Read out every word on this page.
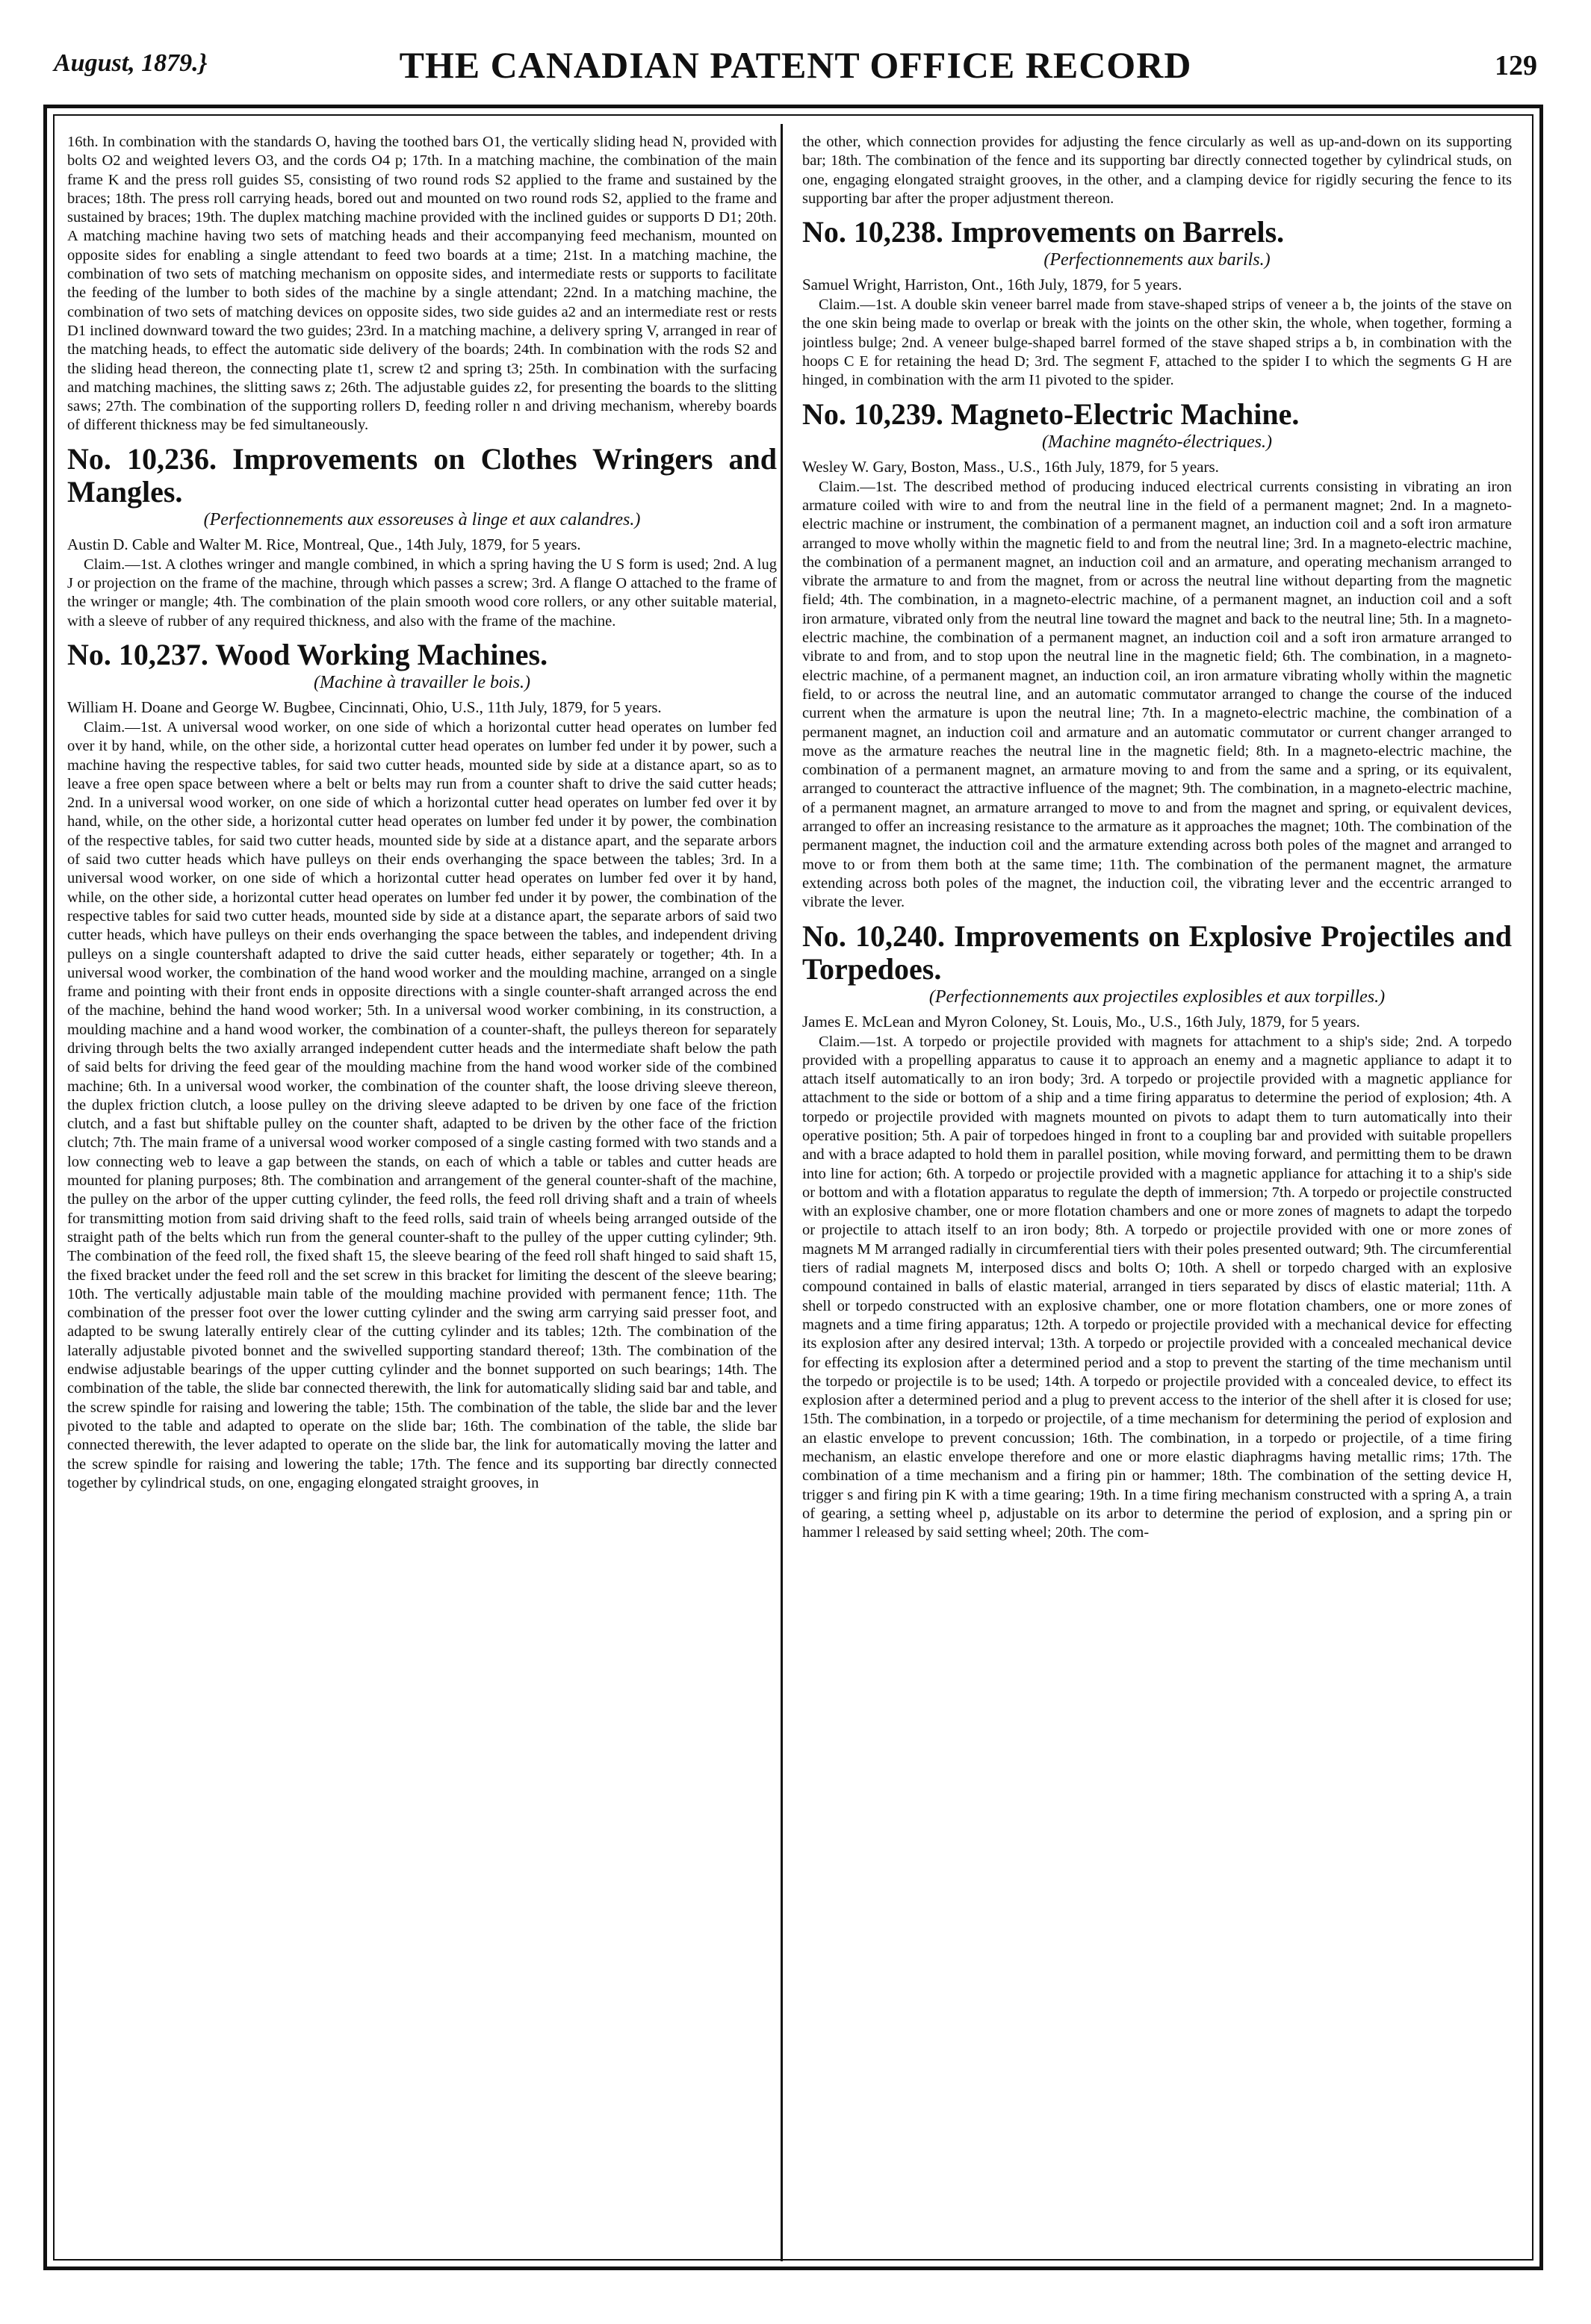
August, 1879.}	THE CANADIAN PATENT OFFICE RECORD	129

16th. In combination with the standards O, having the toothed bars O1, the vertically sliding head N, provided with bolts O2 and weighted levers O3, and the cords O4 p; 17th. In a matching machine, the combination of the main frame K and the press roll guides S5, consisting of two round rods S2 applied to the frame and sustained by the braces; 18th. The press roll carrying heads, bored out and mounted on two round rods S2, applied to the frame and sustained by braces; 19th. The duplex matching machine provided with the inclined guides or supports D D1; 20th. A matching machine having two sets of matching heads and their accompanying feed mechanism, mounted on opposite sides for enabling a single attendant to feed two boards at a time; 21st. In a matching machine, the combination of two sets of matching mechanism on opposite sides, and intermediate rests or supports to facilitate the feeding of the lumber to both sides of the machine by a single attendant; 22nd. In a matching machine, the combination of two sets of matching devices on opposite sides, two side guides a2 and an intermediate rest or rests D1 inclined downward toward the two guides; 23rd. In a matching machine, a delivery spring V, arranged in rear of the matching heads, to effect the automatic side delivery of the boards; 24th. In combination with the rods S2 and the sliding head thereon, the connecting plate t1, screw t2 and spring t3; 25th. In combination with the surfacing and matching machines, the slitting saws z; 26th. The adjustable guides z2, for presenting the boards to the slitting saws; 27th. The combination of the supporting rollers D, feeding roller n and driving mechanism, whereby boards of different thickness may be fed simultaneously.

No. 10,236. Improvements on Clothes Wringers and Mangles.
(Perfectionnements aux essoreuses à linge et aux calandres.)

Austin D. Cable and Walter M. Rice, Montreal, Que., 14th July, 1879, for 5 years.

Claim.—1st. A clothes wringer and mangle combined, in which a spring having the U S form is used; 2nd. A lug J or projection on the frame of the machine, through which passes a screw; 3rd. A flange O attached to the frame of the wringer or mangle; 4th. The combination of the plain smooth wood core rollers, or any other suitable material, with a sleeve of rubber of any required thickness, and also with the frame of the machine.

No. 10,237. Wood Working Machines.
(Machine à travailler le bois.)

William H. Doane and George W. Bugbee, Cincinnati, Ohio, U.S., 11th July, 1879, for 5 years.

Claim.—1st. A universal wood worker, on one side of which a horizontal cutter head operates on lumber fed over it by hand, while, on the other side, a horizontal cutter head operates on lumber fed under it by power, such a machine having the respective tables, for said two cutter heads, mounted side by side at a distance apart, so as to leave a free open space between where a belt or belts may run from a counter shaft to drive the said cutter heads; 2nd. In a universal wood worker, on one side of which a horizontal cutter head operates on lumber fed over it by hand, while, on the other side, a horizontal cutter head operates on lumber fed under it by power, the combination of the respective tables, for said two cutter heads, mounted side by side at a distance apart, and the separate arbors of said two cutter heads which have pulleys on their ends overhanging the space between the tables; 3rd. In a universal wood worker, on one side of which a horizontal cutter head operates on lumber fed over it by hand, while, on the other side, a horizontal cutter head operates on lumber fed under it by power, the combination of the respective tables for said two cutter heads, mounted side by side at a distance apart, the separate arbors of said two cutter heads, which have pulleys on their ends overhanging the space between the tables, and independent driving pulleys on a single countershaft adapted to drive the said cutter heads, either separately or together; 4th. In a universal wood worker, the combination of the hand wood worker and the moulding machine, arranged on a single frame and pointing with their front ends in opposite directions with a single counter-shaft arranged across the end of the machine, behind the hand wood worker; 5th. In a universal wood worker combining, in its construction, a moulding machine and a hand wood worker, the combination of a counter-shaft, the pulleys thereon for separately driving through belts the two axially arranged independent cutter heads and the intermediate shaft below the path of said belts for driving the feed gear of the moulding machine from the hand wood worker side of the combined machine; 6th. In a universal wood worker, the combination of the counter shaft, the loose driving sleeve thereon, the duplex friction clutch, a loose pulley on the driving sleeve adapted to be driven by one face of the friction clutch, and a fast but shiftable pulley on the counter shaft, adapted to be driven by the other face of the friction clutch; 7th. The main frame of a universal wood worker composed of a single casting formed with two stands and a low connecting web to leave a gap between the stands, on each of which a table or tables and cutter heads are mounted for planing purposes; 8th. The combination and arrangement of the general counter-shaft of the machine, the pulley on the arbor of the upper cutting cylinder, the feed rolls, the feed roll driving shaft and a train of wheels for transmitting motion from said driving shaft to the feed rolls, said train of wheels being arranged outside of the straight path of the belts which run from the general counter-shaft to the pulley of the upper cutting cylinder; 9th. The combination of the feed roll, the fixed shaft 15, the sleeve bearing of the feed roll shaft hinged to said shaft 15, the fixed bracket under the feed roll and the set screw in this bracket for limiting the descent of the sleeve bearing; 10th. The vertically adjustable main table of the moulding machine provided with permanent fence; 11th. The combination of the presser foot over the lower cutting cylinder and the swing arm carrying said presser foot, and adapted to be swung laterally entirely clear of the cutting cylinder and its tables; 12th. The combination of the laterally adjustable pivoted bonnet and the swivelled supporting standard thereof; 13th. The combination of the endwise adjustable bearings of the upper cutting cylinder and the bonnet supported on such bearings; 14th. The combination of the table, the slide bar connected therewith, the link for automatically sliding said bar and table, and the screw spindle for raising and lowering the table; 15th. The combination of the table, the slide bar and the lever pivoted to the table and adapted to operate on the slide bar; 16th. The combination of the table, the slide bar connected therewith, the lever adapted to operate on the slide bar, the link for automatically moving the latter and the screw spindle for raising and lowering the table; 17th. The fence and its supporting bar directly connected together by cylindrical studs, on one, engaging elongated straight grooves, in

the other, which connection provides for adjusting the fence circularly as well as up-and-down on its supporting bar; 18th. The combination of the fence and its supporting bar directly connected together by cylindrical studs, on one, engaging elongated straight grooves, in the other, and a clamping device for rigidly securing the fence to its supporting bar after the proper adjustment thereon.

No. 10,238. Improvements on Barrels.
(Perfectionnements aux barils.)

Samuel Wright, Harriston, Ont., 16th July, 1879, for 5 years.

Claim.—1st. A double skin veneer barrel made from stave-shaped strips of veneer a b, the joints of the stave on the one skin being made to overlap or break with the joints on the other skin, the whole, when together, forming a jointless bulge; 2nd. A veneer bulge-shaped barrel formed of the stave shaped strips a b, in combination with the hoops C E for retaining the head D; 3rd. The segment F, attached to the spider I to which the segments G H are hinged, in combination with the arm I1 pivoted to the spider.

No. 10,239. Magneto-Electric Machine.
(Machine magnéto-électriques.)

Wesley W. Gary, Boston, Mass., U.S., 16th July, 1879, for 5 years.

Claim.—1st. The described method of producing induced electrical currents consisting in vibrating an iron armature coiled with wire to and from the neutral line in the field of a permanent magnet; 2nd. In a magneto-electric machine or instrument, the combination of a permanent magnet, an induction coil and a soft iron armature arranged to move wholly within the magnetic field to and from the neutral line; 3rd. In a magneto-electric machine, the combination of a permanent magnet, an induction coil and an armature, and operating mechanism arranged to vibrate the armature to and from the magnet, from or across the neutral line without departing from the magnetic field; 4th. The combination, in a magneto-electric machine, of a permanent magnet, an induction coil and a soft iron armature, vibrated only from the neutral line toward the magnet and back to the neutral line; 5th. In a magneto-electric machine, the combination of a permanent magnet, an induction coil and a soft iron armature arranged to vibrate to and from, and to stop upon the neutral line in the magnetic field; 6th. The combination, in a magneto-electric machine, of a permanent magnet, an induction coil, an iron armature vibrating wholly within the magnetic field, to or across the neutral line, and an automatic commutator arranged to change the course of the induced current when the armature is upon the neutral line; 7th. In a magneto-electric machine, the combination of a permanent magnet, an induction coil and armature and an automatic commutator or current changer arranged to move as the armature reaches the neutral line in the magnetic field; 8th. In a magneto-electric machine, the combination of a permanent magnet, an armature moving to and from the same and a spring, or its equivalent, arranged to counteract the attractive influence of the magnet; 9th. The combination, in a magneto-electric machine, of a permanent magnet, an armature arranged to move to and from the magnet and spring, or equivalent devices, arranged to offer an increasing resistance to the armature as it approaches the magnet; 10th. The combination of the permanent magnet, the induction coil and the armature extending across both poles of the magnet and arranged to move to or from them both at the same time; 11th. The combination of the permanent magnet, the armature extending across both poles of the magnet, the induction coil, the vibrating lever and the eccentric arranged to vibrate the lever.

No. 10,240. Improvements on Explosive Projectiles and Torpedoes.
(Perfectionnements aux projectiles explosibles et aux torpilles.)

James E. McLean and Myron Coloney, St. Louis, Mo., U.S., 16th July, 1879, for 5 years.

Claim.—1st. A torpedo or projectile provided with magnets for attachment to a ship's side; 2nd. A torpedo provided with a propelling apparatus to cause it to approach an enemy and a magnetic appliance to adapt it to attach itself automatically to an iron body; 3rd. A torpedo or projectile provided with a magnetic appliance for attachment to the side or bottom of a ship and a time firing apparatus to determine the period of explosion; 4th. A torpedo or projectile provided with magnets mounted on pivots to adapt them to turn automatically into their operative position; 5th. A pair of torpedoes hinged in front to a coupling bar and provided with suitable propellers and with a brace adapted to hold them in parallel position, while moving forward, and permitting them to be drawn into line for action; 6th. A torpedo or projectile provided with a magnetic appliance for attaching it to a ship's side or bottom and with a flotation apparatus to regulate the depth of immersion; 7th. A torpedo or projectile constructed with an explosive chamber, one or more flotation chambers and one or more zones of magnets to adapt the torpedo or projectile to attach itself to an iron body; 8th. A torpedo or projectile provided with one or more zones of magnets M M arranged radially in circumferential tiers with their poles presented outward; 9th. The circumferential tiers of radial magnets M, interposed discs and bolts O; 10th. A shell or torpedo charged with an explosive compound contained in balls of elastic material, arranged in tiers separated by discs of elastic material; 11th. A shell or torpedo constructed with an explosive chamber, one or more flotation chambers, one or more zones of magnets and a time firing apparatus; 12th. A torpedo or projectile provided with a mechanical device for effecting its explosion after any desired interval; 13th. A torpedo or projectile provided with a concealed mechanical device for effecting its explosion after a determined period and a stop to prevent the starting of the time mechanism until the torpedo or projectile is to be used; 14th. A torpedo or projectile provided with a concealed device, to effect its explosion after a determined period and a plug to prevent access to the interior of the shell after it is closed for use; 15th. The combination, in a torpedo or projectile, of a time mechanism for determining the period of explosion and an elastic envelope to prevent concussion; 16th. The combination, in a torpedo or projectile, of a time firing mechanism, an elastic envelope therefore and one or more elastic diaphragms having metallic rims; 17th. The combination of a time mechanism and a firing pin or hammer; 18th. The combination of the setting device H, trigger s and firing pin K with a time gearing; 19th. In a time firing mechanism constructed with a spring A, a train of gearing, a setting wheel p, adjustable on its arbor to determine the period of explosion, and a spring pin or hammer l released by said setting wheel; 20th. The com-
